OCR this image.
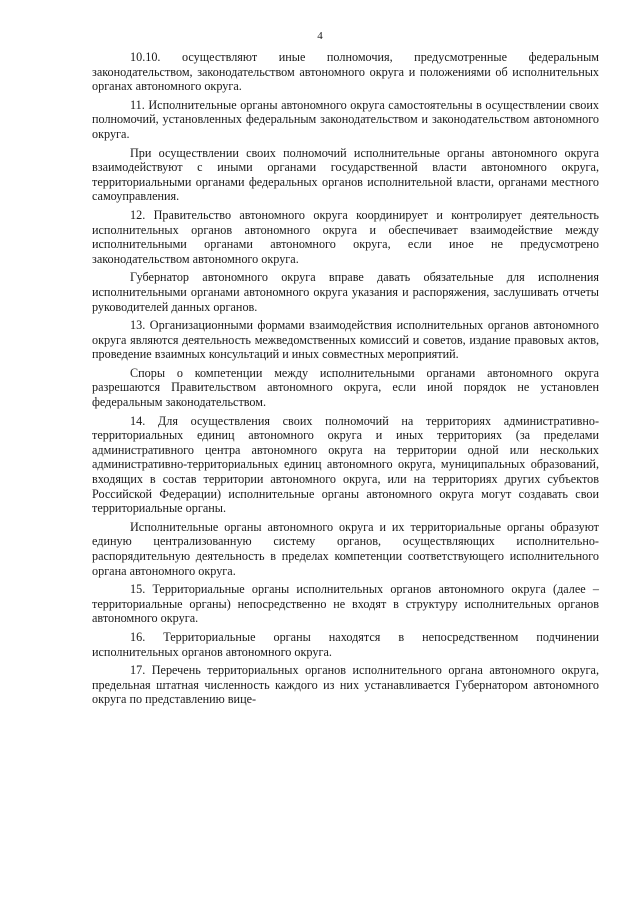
4

10.10. осуществляют иные полномочия, предусмотренные федеральным законодательством, законодательством автономного округа и положениями об исполнительных органах автономного округа.

11. Исполнительные органы автономного округа самостоятельны в осуществлении своих полномочий, установленных федеральным законодательством и законодательством автономного округа.

При осуществлении своих полномочий исполнительные органы автономного округа взаимодействуют с иными органами государственной власти автономного округа, территориальными органами федеральных органов исполнительной власти, органами местного самоуправления.

12. Правительство автономного округа координирует и контролирует деятельность исполнительных органов автономного округа и обеспечивает взаимодействие между исполнительными органами автономного округа, если иное не предусмотрено законодательством автономного округа.

Губернатор автономного округа вправе давать обязательные для исполнения исполнительными органами автономного округа указания и распоряжения, заслушивать отчеты руководителей данных органов.

13. Организационными формами взаимодействия исполнительных органов автономного округа являются деятельность межведомственных комиссий и советов, издание правовых актов, проведение взаимных консультаций и иных совместных мероприятий.

Споры о компетенции между исполнительными органами автономного округа разрешаются Правительством автономного округа, если иной порядок не установлен федеральным законодательством.

14. Для осуществления своих полномочий на территориях административно-территориальных единиц автономного округа и иных территориях (за пределами административного центра автономного округа на территории одной или нескольких административно-территориальных единиц автономного округа, муниципальных образований, входящих в состав территории автономного округа, или на территориях других субъектов Российской Федерации) исполнительные органы автономного округа могут создавать свои территориальные органы.

Исполнительные органы автономного округа и их территориальные органы образуют единую централизованную систему органов, осуществляющих исполнительно-распорядительную деятельность в пределах компетенции соответствующего исполнительного органа автономного округа.

15. Территориальные органы исполнительных органов автономного округа (далее – территориальные органы) непосредственно не входят в структуру исполнительных органов автономного округа.

16. Территориальные органы находятся в непосредственном подчинении исполнительных органов автономного округа.

17. Перечень территориальных органов исполнительного органа автономного округа, предельная штатная численность каждого из них устанавливается Губернатором автономного округа по представлению вице-
